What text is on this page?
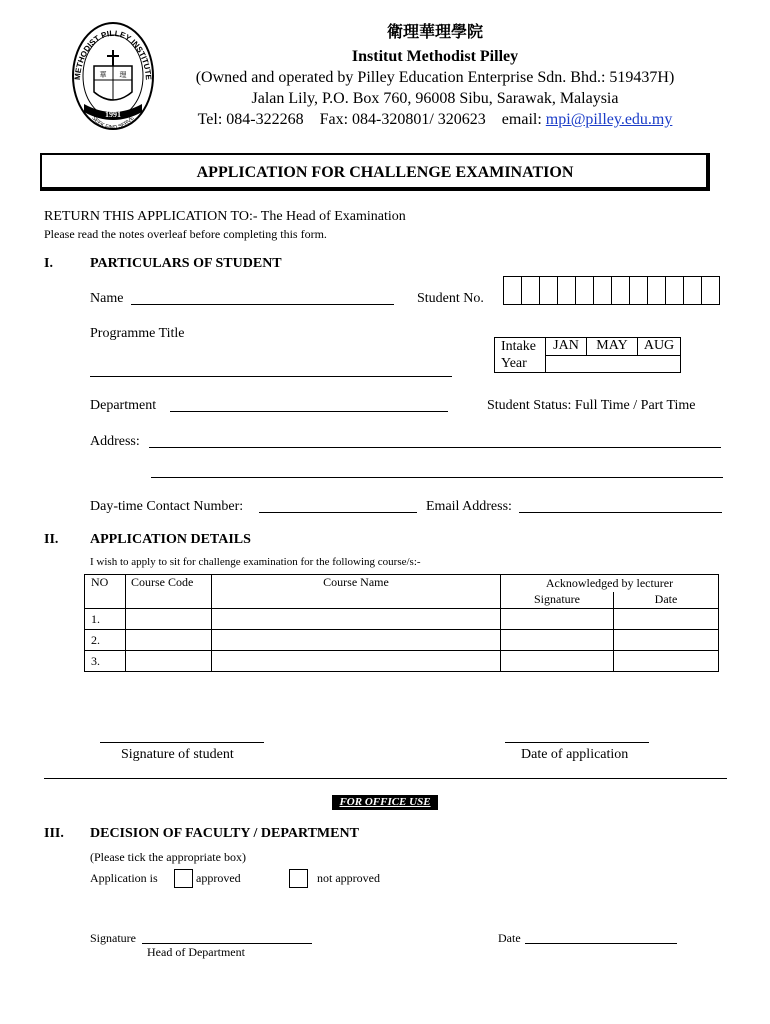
METHODIST PILLEY INSTITUTE
華 理
1991
SEEK FIND SERVE
衛理華理學院
Institut Methodist Pilley
(Owned and operated by Pilley Education Enterprise Sdn. Bhd.: 519437H)
Jalan Lily, P.O. Box 760, 96008 Sibu, Sarawak, Malaysia
Tel: 084-322268    Fax: 084-320801/ 320623    email: mpi@pilley.edu.my
APPLICATION FOR CHALLENGE EXAMINATION
RETURN THIS APPLICATION TO:- The Head of Examination
Please read the notes overleaf before completing this form.
I.	PARTICULARS OF STUDENT
Name	Student No.

Programme Title
Intake	JAN	MAY	AUG
Year			
Department	Student Status: Full Time / Part Time
Address:
Day-time Contact Number:	Email Address:
II. APPLICATION DETAILS
I wish to apply to sit for challenge examination for the following course/s:-
NO	Course Code	Course Name	Acknowledged by lecturer	
			Signature	Date
1.				
2.				
3.				
Signature of student	Date of application
FOR OFFICE USE
III. DECISION OF FACULTY / DEPARTMENT
(Please tick the appropriate box)
Application is	approved	not approved
Signature
Head of Department
Date
